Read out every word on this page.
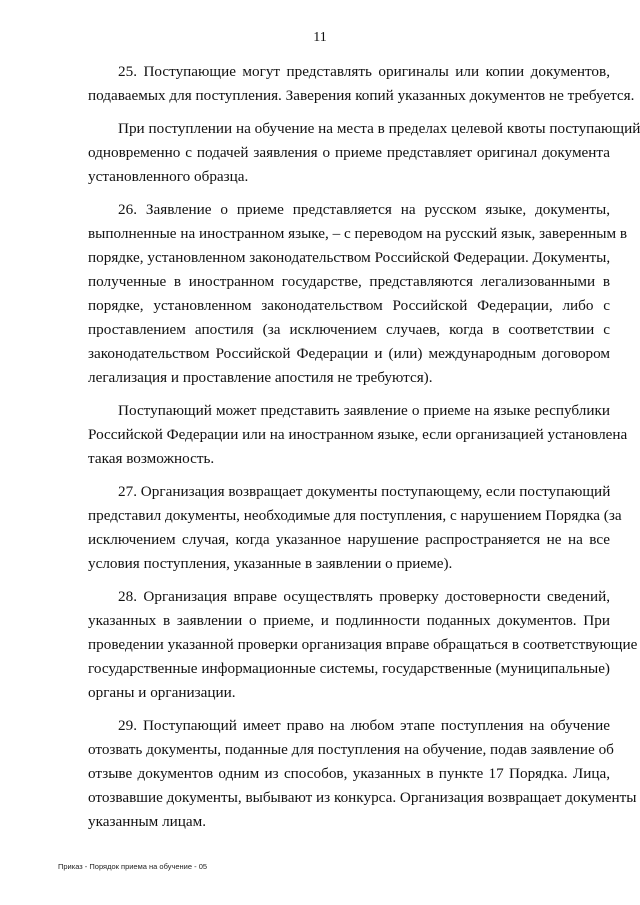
11

25. Поступающие могут представлять оригиналы или копии документов,
подаваемых для поступления. Заверения копий указанных документов не требуется.

При поступлении на обучение на места в пределах целевой квоты поступающий
одновременно с подачей заявления о приеме представляет оригинал документа
установленного образца.

26. Заявление о приеме представляется на русском языке, документы,
выполненные на иностранном языке, – с переводом на русский язык, заверенным в
порядке, установленном законодательством Российской Федерации. Документы,
полученные в иностранном государстве, представляются легализованными в
порядке, установленном законодательством Российской Федерации, либо с
проставлением апостиля (за исключением случаев, когда в соответствии с
законодательством Российской Федерации и (или) международным договором
легализация и проставление апостиля не требуются).

Поступающий может представить заявление о приеме на языке республики
Российской Федерации или на иностранном языке, если организацией установлена
такая возможность.

27. Организация возвращает документы поступающему, если поступающий
представил документы, необходимые для поступления, с нарушением Порядка (за
исключением случая, когда указанное нарушение распространяется не на все
условия поступления, указанные в заявлении о приеме).

28. Организация вправе осуществлять проверку достоверности сведений,
указанных в заявлении о приеме, и подлинности поданных документов. При
проведении указанной проверки организация вправе обращаться в соответствующие
государственные информационные системы, государственные (муниципальные)
органы и организации.

29. Поступающий имеет право на любом этапе поступления на обучение
отозвать документы, поданные для поступления на обучение, подав заявление об
отзыве документов одним из способов, указанных в пункте 17 Порядка. Лица,
отозвавшие документы, выбывают из конкурса. Организация возвращает документы
указанным лицам.

Приказ - Порядок приема на обучение - 05
